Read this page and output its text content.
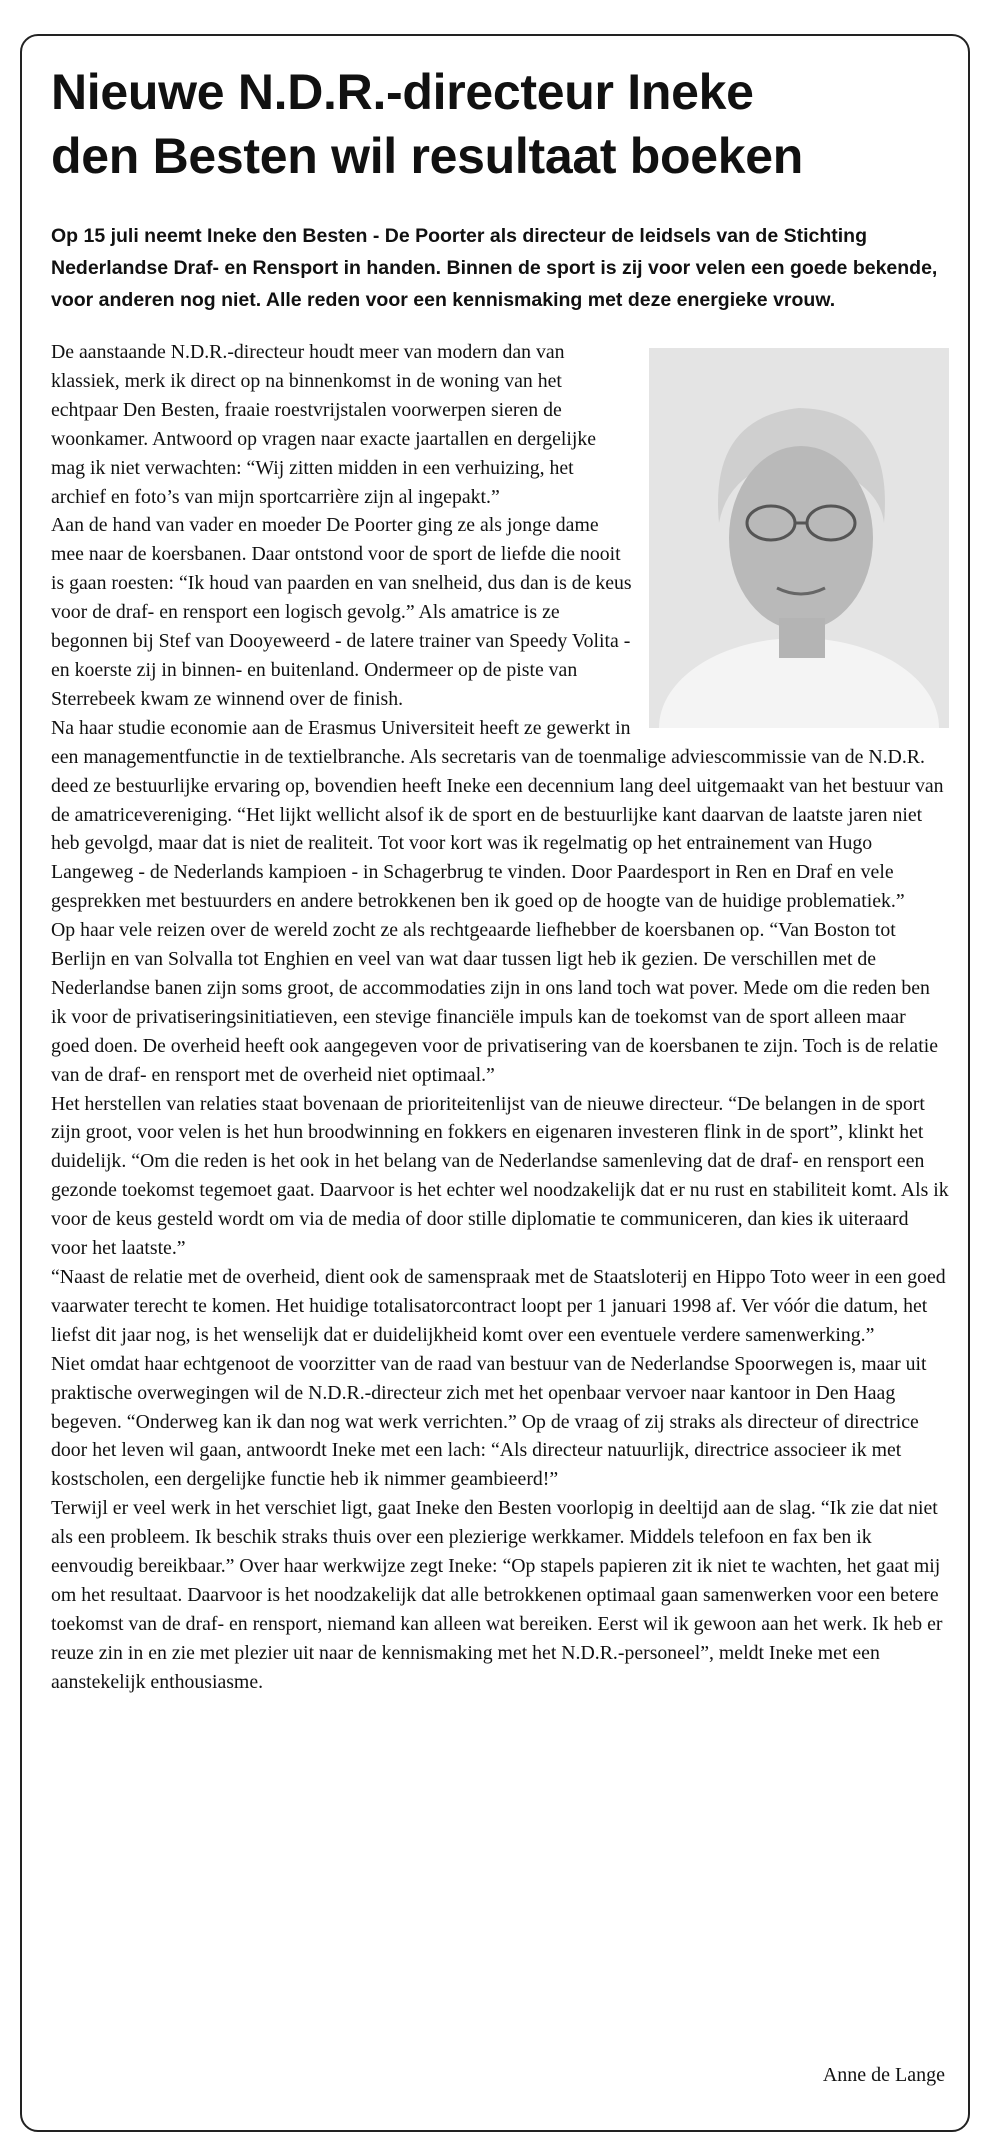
Nieuwe N.D.R.-directeur Ineke
den Besten wil resultaat boeken

Op 15 juli neemt Ineke den Besten - De Poorter als directeur de leidsels van de Stichting Nederlandse Draf- en Rensport in handen. Binnen de sport is zij voor velen een goede bekende, voor anderen nog niet. Alle reden voor een kennismaking met deze energieke vrouw.

De aanstaande N.D.R.-directeur houdt meer van modern dan van klassiek, merk ik direct op na binnenkomst in de woning van het echtpaar Den Besten, fraaie roestvrijstalen voorwerpen sieren de woonkamer. Antwoord op vragen naar exacte jaartallen en dergelijke mag ik niet verwachten: “Wij zitten midden in een verhuizing, het archief en foto’s van mijn sportcarrière zijn al ingepakt.”

Aan de hand van vader en moeder De Poorter ging ze als jonge dame mee naar de koersbanen. Daar ontstond voor de sport de liefde die nooit is gaan roesten: “Ik houd van paarden en van snelheid, dus dan is de keus voor de draf- en rensport een logisch gevolg.” Als amatrice is ze begonnen bij Stef van Dooyeweerd - de latere trainer van Speedy Volita - en koerste zij in binnen- en buitenland. Ondermeer op de piste van Sterrebeek kwam ze winnend over de finish.

Na haar studie economie aan de Erasmus Universiteit heeft ze gewerkt in een managementfunctie in de textielbranche. Als secretaris van de toenmalige adviescommissie van de N.D.R. deed ze bestuurlijke ervaring op, bovendien heeft Ineke een decennium lang deel uitgemaakt van het bestuur van de amatricevereniging. “Het lijkt wellicht alsof ik de sport en de bestuurlijke kant daarvan de laatste jaren niet heb gevolgd, maar dat is niet de realiteit. Tot voor kort was ik regelmatig op het entrainement van Hugo Langeweg - de Nederlands kampioen - in Schagerbrug te vinden. Door Paardesport in Ren en Draf en vele gesprekken met bestuurders en andere betrokkenen ben ik goed op de hoogte van de huidige problematiek.”

Op haar vele reizen over de wereld zocht ze als rechtgeaarde liefhebber de koersbanen op. “Van Boston tot Berlijn en van Solvalla tot Enghien en veel van wat daar tussen ligt heb ik gezien. De verschillen met de Nederlandse banen zijn soms groot, de accommodaties zijn in ons land toch wat pover. Mede om die reden ben ik voor de privatiseringsinitiatieven, een stevige financiële impuls kan de toekomst van de sport alleen maar goed doen. De overheid heeft ook aangegeven voor de privatisering van de koersbanen te zijn. Toch is de relatie van de draf- en rensport met de overheid niet optimaal.”

Het herstellen van relaties staat bovenaan de prioriteitenlijst van de nieuwe directeur. “De belangen in de sport zijn groot, voor velen is het hun broodwinning en fokkers en eigenaren investeren flink in de sport”, klinkt het duidelijk. “Om die reden is het ook in het belang van de Nederlandse samenleving dat de draf- en rensport een gezonde toekomst tegemoet gaat. Daarvoor is het echter wel noodzakelijk dat er nu rust en stabiliteit komt. Als ik voor de keus gesteld wordt om via de media of door stille diplomatie te communiceren, dan kies ik uiteraard voor het laatste.”

“Naast de relatie met de overheid, dient ook de samenspraak met de Staatsloterij en Hippo Toto weer in een goed vaarwater terecht te komen. Het huidige totalisatorcontract loopt per 1 januari 1998 af. Ver vóór die datum, het liefst dit jaar nog, is het wenselijk dat er duidelijkheid komt over een eventuele verdere samenwerking.”

Niet omdat haar echtgenoot de voorzitter van de raad van bestuur van de Nederlandse Spoorwegen is, maar uit praktische overwegingen wil de N.D.R.-directeur zich met het openbaar vervoer naar kantoor in Den Haag begeven. “Onderweg kan ik dan nog wat werk verrichten.” Op de vraag of zij straks als directeur of directrice door het leven wil gaan, antwoordt Ineke met een lach: “Als directeur natuurlijk, directrice associeer ik met kostscholen, een dergelijke functie heb ik nimmer geambieerd!”

Terwijl er veel werk in het verschiet ligt, gaat Ineke den Besten voorlopig in deeltijd aan de slag. “Ik zie dat niet als een probleem. Ik beschik straks thuis over een plezierige werkkamer. Middels telefoon en fax ben ik eenvoudig bereikbaar.” Over haar werkwijze zegt Ineke: “Op stapels papieren zit ik niet te wachten, het gaat mij om het resultaat. Daarvoor is het noodzakelijk dat alle betrokkenen optimaal gaan samenwerken voor een betere toekomst van de draf- en rensport, niemand kan alleen wat bereiken. Eerst wil ik gewoon aan het werk. Ik heb er reuze zin in en zie met plezier uit naar de kennismaking met het N.D.R.-personeel”, meldt Ineke met een aanstekelijk enthousiasme.

Anne de Lange
